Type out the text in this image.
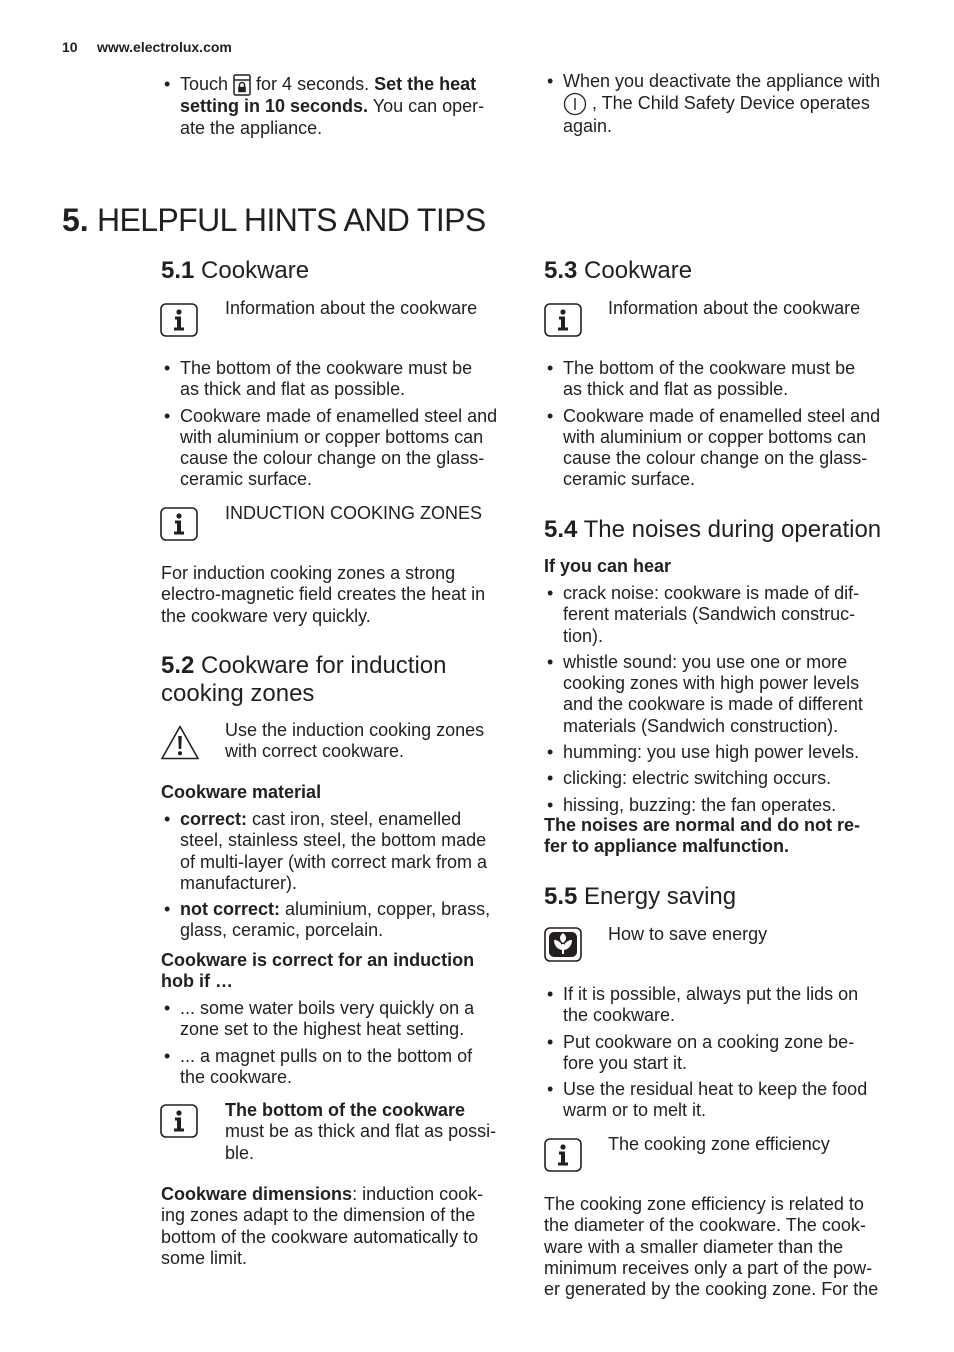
10 www.electrolux.com
• Touch
for 4 seconds. Set the heat
setting in 10 seconds. You can oper-
ate the appliance.
• When you deactivate the appliance with

, The Child Safety Device operates
again.
5. HELPFUL HINTS AND TIPS
5.1 Cookware
Information about the cookware
• The bottom of the cookware must be
as thick and flat as possible.
• Cookware made of enamelled steel and
with aluminium or copper bottoms can
cause the colour change on the glass-
ceramic surface.
INDUCTION COOKING ZONES
For induction cooking zones a strong
electro-magnetic field creates the heat in
the cookware very quickly.
5.2 Cookware for induction
cooking zones
Use the induction cooking zones
with correct cookware.
Cookware material
• correct: cast iron, steel, enamelled
steel, stainless steel, the bottom made
of multi-layer (with correct mark from a
manufacturer).
• not correct: aluminium, copper, brass,
glass, ceramic, porcelain.
Cookware is correct for an induction
hob if …
• ... some water boils very quickly on a
zone set to the highest heat setting.
• ... a magnet pulls on to the bottom of
the cookware.
The bottom of the cookware
must be as thick and flat as possi-
ble.
Cookware dimensions: induction cook-
ing zones adapt to the dimension of the
bottom of the cookware automatically to
some limit.
5.3 Cookware
Information about the cookware
• The bottom of the cookware must be
as thick and flat as possible.
• Cookware made of enamelled steel and
with aluminium or copper bottoms can
cause the colour change on the glass-
ceramic surface.
5.4 The noises during operation
If you can hear
• crack noise: cookware is made of dif-
ferent materials (Sandwich construc-
tion).
• whistle sound: you use one or more
cooking zones with high power levels
and the cookware is made of different
materials (Sandwich construction).
• humming: you use high power levels.
• clicking: electric switching occurs.
• hissing, buzzing: the fan operates.
The noises are normal and do not re-
fer to appliance malfunction.
5.5 Energy saving
How to save energy
• If it is possible, always put the lids on
the cookware.
• Put cookware on a cooking zone be-
fore you start it.
• Use the residual heat to keep the food
warm or to melt it.
The cooking zone efficiency
The cooking zone efficiency is related to
the diameter of the cookware. The cook-
ware with a smaller diameter than the
minimum receives only a part of the pow-
er generated by the cooking zone. For the
